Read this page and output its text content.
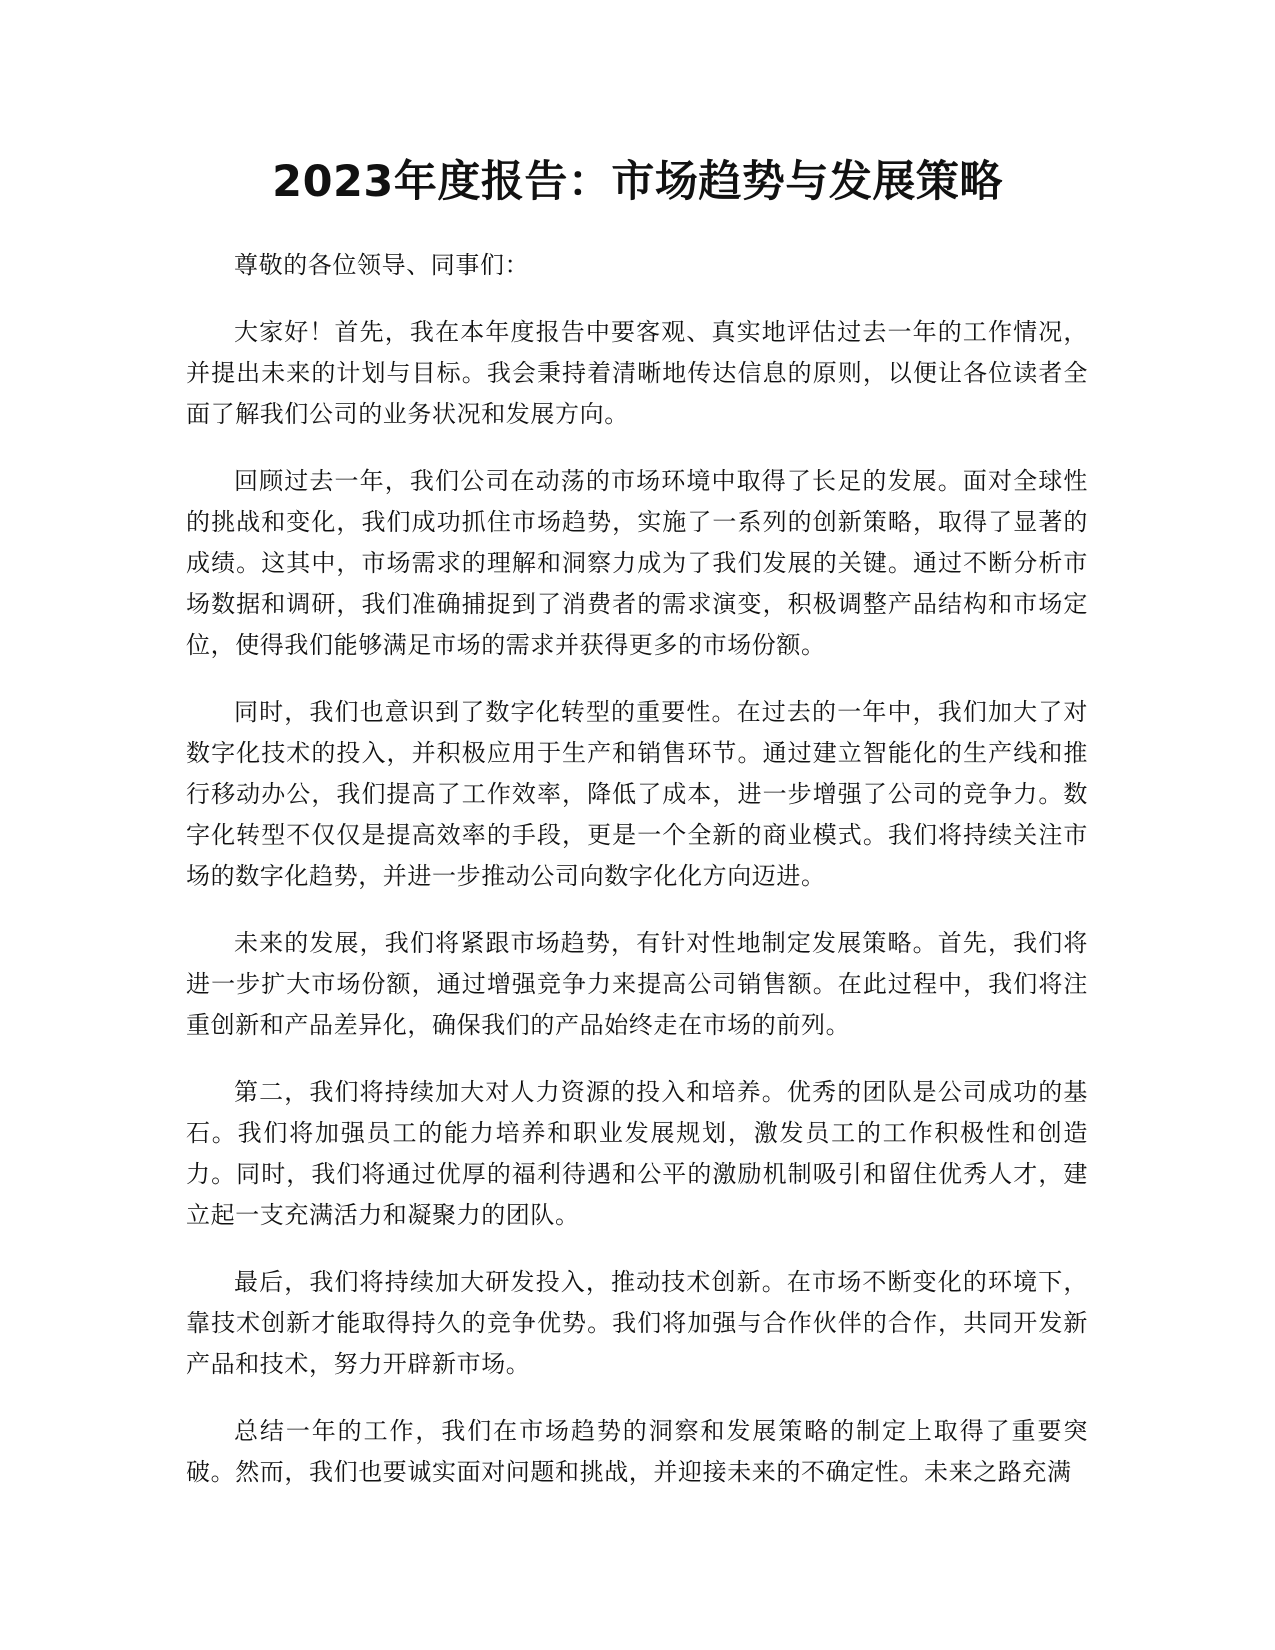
2023年度报告：市场趋势与发展策略

尊敬的各位领导、同事们：

大家好！首先，我在本年度报告中要客观、真实地评估过去一年的工作情况，并提出未来的计划与目标。我会秉持着清晰地传达信息的原则，以便让各位读者全面了解我们公司的业务状况和发展方向。

回顾过去一年，我们公司在动荡的市场环境中取得了长足的发展。面对全球性的挑战和变化，我们成功抓住市场趋势，实施了一系列的创新策略，取得了显著的成绩。这其中，市场需求的理解和洞察力成为了我们发展的关键。通过不断分析市场数据和调研，我们准确捕捉到了消费者的需求演变，积极调整产品结构和市场定位，使得我们能够满足市场的需求并获得更多的市场份额。

同时，我们也意识到了数字化转型的重要性。在过去的一年中，我们加大了对数字化技术的投入，并积极应用于生产和销售环节。通过建立智能化的生产线和推行移动办公，我们提高了工作效率，降低了成本，进一步增强了公司的竞争力。数字化转型不仅仅是提高效率的手段，更是一个全新的商业模式。我们将持续关注市场的数字化趋势，并进一步推动公司向数字化化方向迈进。

未来的发展，我们将紧跟市场趋势，有针对性地制定发展策略。首先，我们将进一步扩大市场份额，通过增强竞争力来提高公司销售额。在此过程中，我们将注重创新和产品差异化，确保我们的产品始终走在市场的前列。

第二，我们将持续加大对人力资源的投入和培养。优秀的团队是公司成功的基石。我们将加强员工的能力培养和职业发展规划，激发员工的工作积极性和创造力。同时，我们将通过优厚的福利待遇和公平的激励机制吸引和留住优秀人才，建立起一支充满活力和凝聚力的团队。

最后，我们将持续加大研发投入，推动技术创新。在市场不断变化的环境下，靠技术创新才能取得持久的竞争优势。我们将加强与合作伙伴的合作，共同开发新产品和技术，努力开辟新市场。

总结一年的工作，我们在市场趋势的洞察和发展策略的制定上取得了重要突破。然而，我们也要诚实面对问题和挑战，并迎接未来的不确定性。未来之路充满
